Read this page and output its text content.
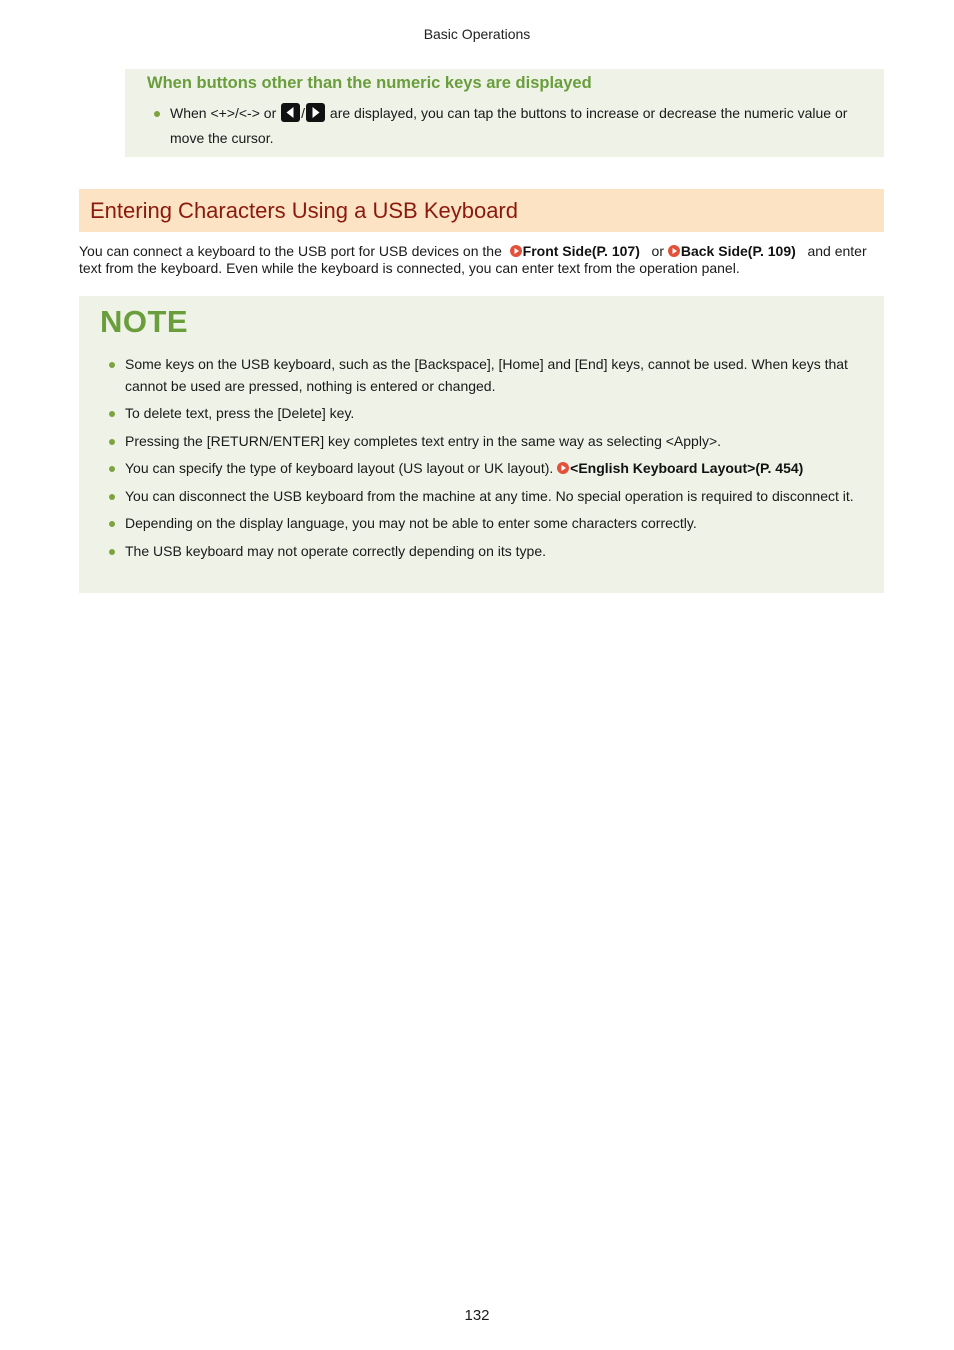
Basic Operations
When buttons other than the numeric keys are displayed
When <+>/<-> or / are displayed, you can tap the buttons to increase or decrease the numeric value or move the cursor.
Entering Characters Using a USB Keyboard
You can connect a keyboard to the USB port for USB devices on the Front Side(P. 107) or Back Side(P. 109) and enter text from the keyboard. Even while the keyboard is connected, you can enter text from the operation panel.
NOTE
Some keys on the USB keyboard, such as the [Backspace], [Home] and [End] keys, cannot be used. When keys that cannot be used are pressed, nothing is entered or changed.
To delete text, press the [Delete] key.
Pressing the [RETURN/ENTER] key completes text entry in the same way as selecting <Apply>.
You can specify the type of keyboard layout (US layout or UK layout). <English Keyboard Layout>(P. 454)
You can disconnect the USB keyboard from the machine at any time. No special operation is required to disconnect it.
Depending on the display language, you may not be able to enter some characters correctly.
The USB keyboard may not operate correctly depending on its type.
132
